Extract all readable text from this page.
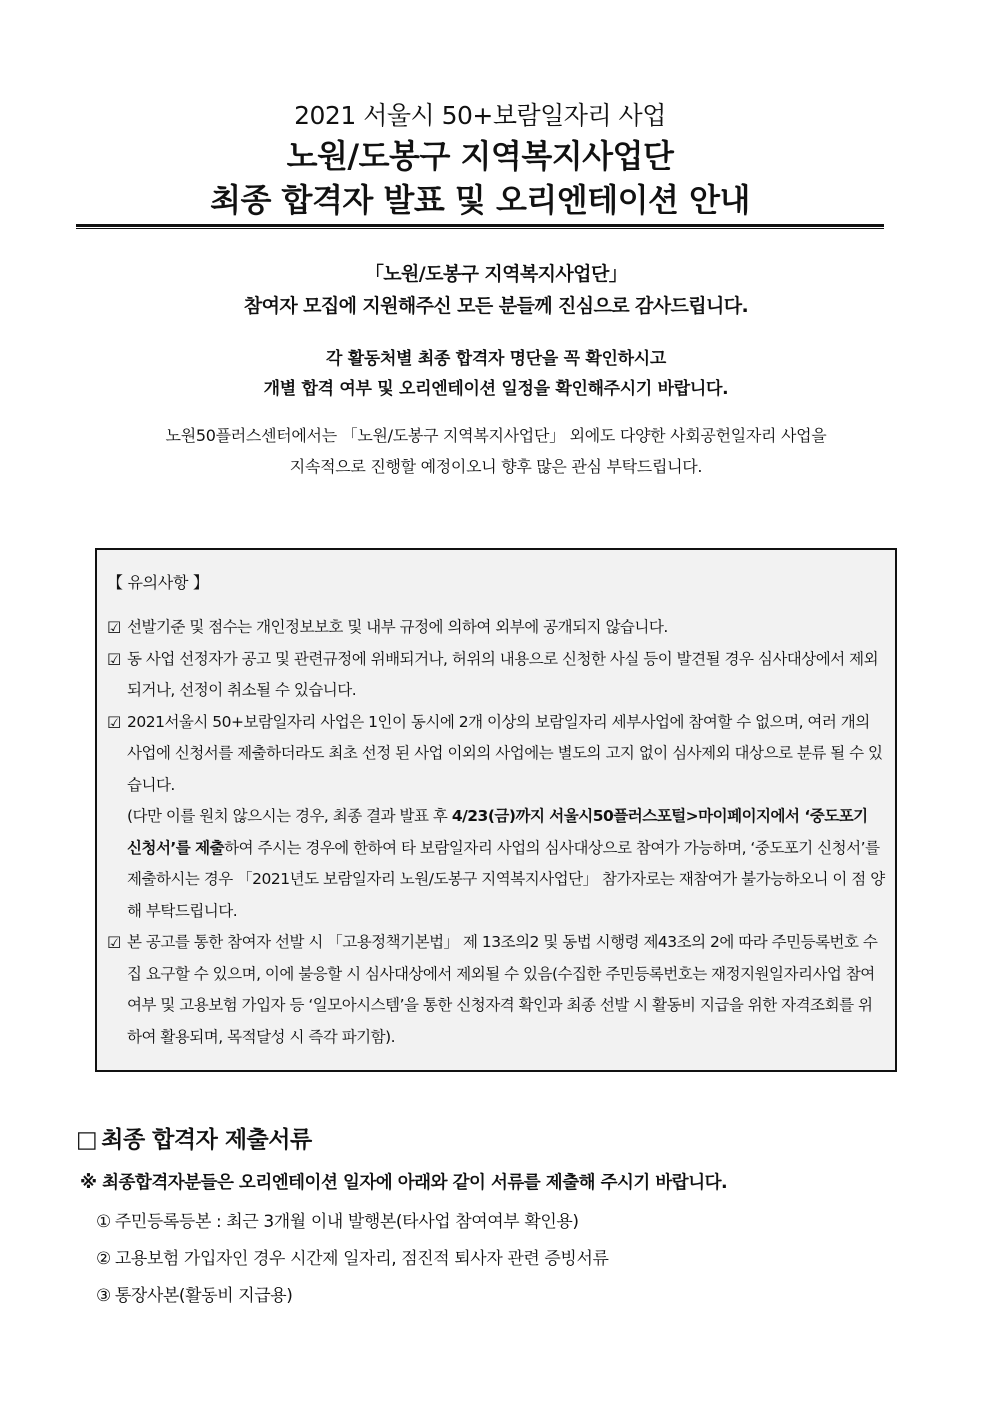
2021 서울시 50+보람일자리 사업
노원/도봉구 지역복지사업단
최종 합격자 발표 및 오리엔테이션 안내
「노원/도봉구 지역복지사업단」
참여자 모집에 지원해주신 모든 분들께 진심으로 감사드립니다.
각 활동처별 최종 합격자 명단을 꼭 확인하시고
개별 합격 여부 및 오리엔테이션 일정을 확인해주시기 바랍니다.
노원50플러스센터에서는 「노원/도봉구 지역복지사업단」 외에도 다양한 사회공헌일자리 사업을
지속적으로 진행할 예정이오니 향후 많은 관심 부탁드립니다.
【 유의사항 】
☑ 선발기준 및 점수는 개인정보보호 및 내부 규정에 의하여 외부에 공개되지 않습니다.
☑ 동 사업 선정자가 공고 및 관련규정에 위배되거나, 허위의 내용으로 신청한 사실 등이 발견될 경우 심사대상에서 제외되거나, 선정이 취소될 수 있습니다.
☑ 2021서울시 50+보람일자리 사업은 1인이 동시에 2개 이상의 보람일자리 세부사업에 참여할 수 없으며, 여러 개의 사업에 신청서를 제출하더라도 최초 선정 된 사업 이외의 사업에는 별도의 고지 없이 심사제외 대상으로 분류 될 수 있습니다.
(다만 이를 원치 않으시는 경우, 최종 결과 발표 후 4/23(금)까지 서울시50플러스포털>마이페이지에서 ‘중도포기 신청서’를 제출하여 주시는 경우에 한하여 타 보람일자리 사업의 심사대상으로 참여가 가능하며, ‘중도포기 신청서’를 제출하시는 경우 「2021년도 보람일자리 노원/도봉구 지역복지사업단」 참가자로는 재참여가 불가능하오니 이 점 양해 부탁드립니다.
☑ 본 공고를 통한 참여자 선발 시 「고용정책기본법」 제 13조의2 및 동법 시행령 제43조의 2에 따라 주민등록번호 수집 요구할 수 있으며, 이에 불응할 시 심사대상에서 제외될 수 있음(수집한 주민등록번호는 재정지원일자리사업 참여여부 및 고용보험 가입자 등 ‘일모아시스템’을 통한 신청자격 확인과 최종 선발 시 활동비 지급을 위한 자격조회를 위하여 활용되며, 목적달성 시 즉각 파기함).
□ 최종 합격자 제출서류
※ 최종합격자분들은 오리엔테이션 일자에 아래와 같이 서류를 제출해 주시기 바랍니다.
① 주민등록등본 : 최근 3개월 이내 발행본(타사업 참여여부 확인용)
② 고용보험 가입자인 경우 시간제 일자리, 점진적 퇴사자 관련 증빙서류
③ 통장사본(활동비 지급용)
